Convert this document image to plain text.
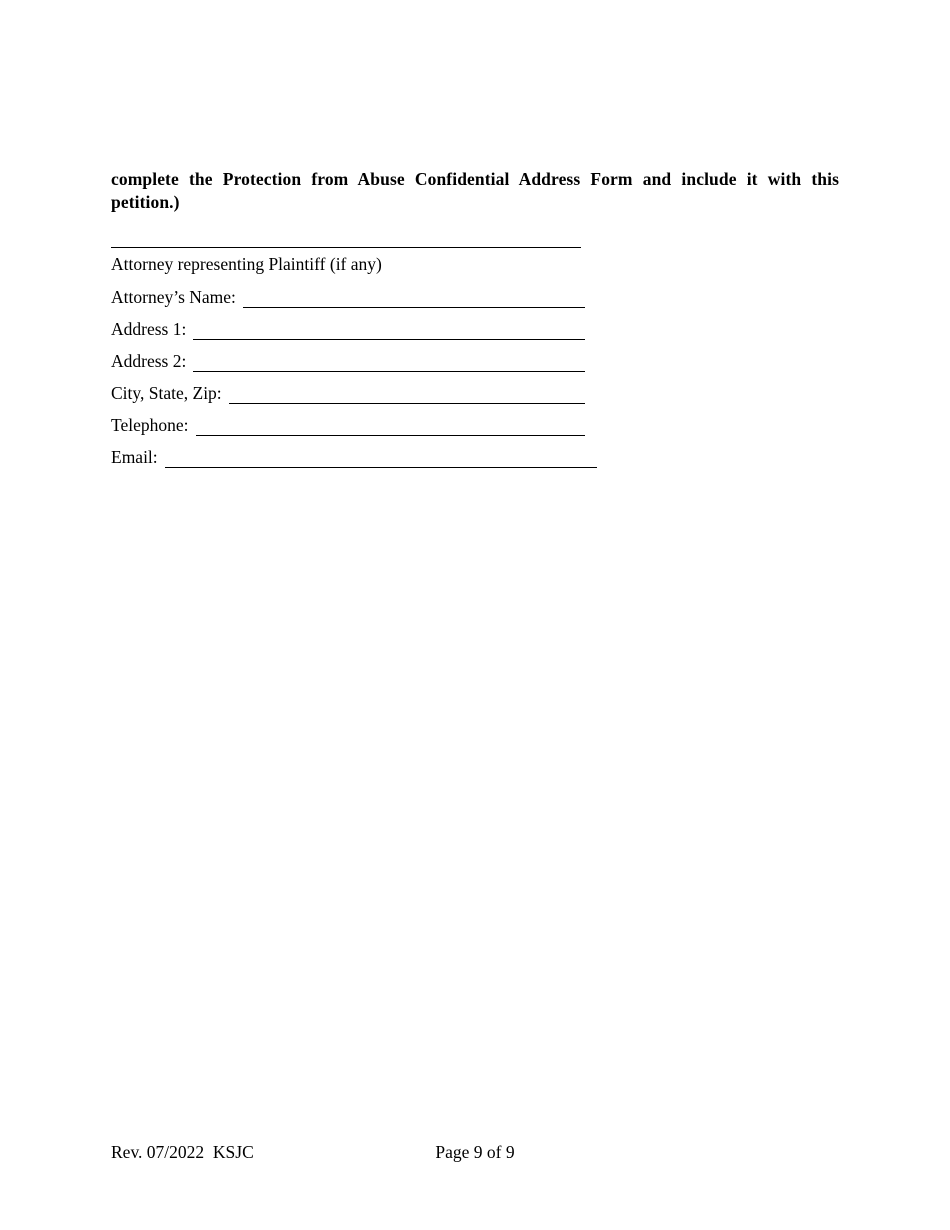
complete the Protection from Abuse Confidential Address Form and include it with this petition.)

Attorney representing Plaintiff (if any)
Attorney’s Name:
Address 1:
Address 2:
City, State, Zip:
Telephone:
Email:
Rev. 07/2022  KSJC	Page 9 of 9
